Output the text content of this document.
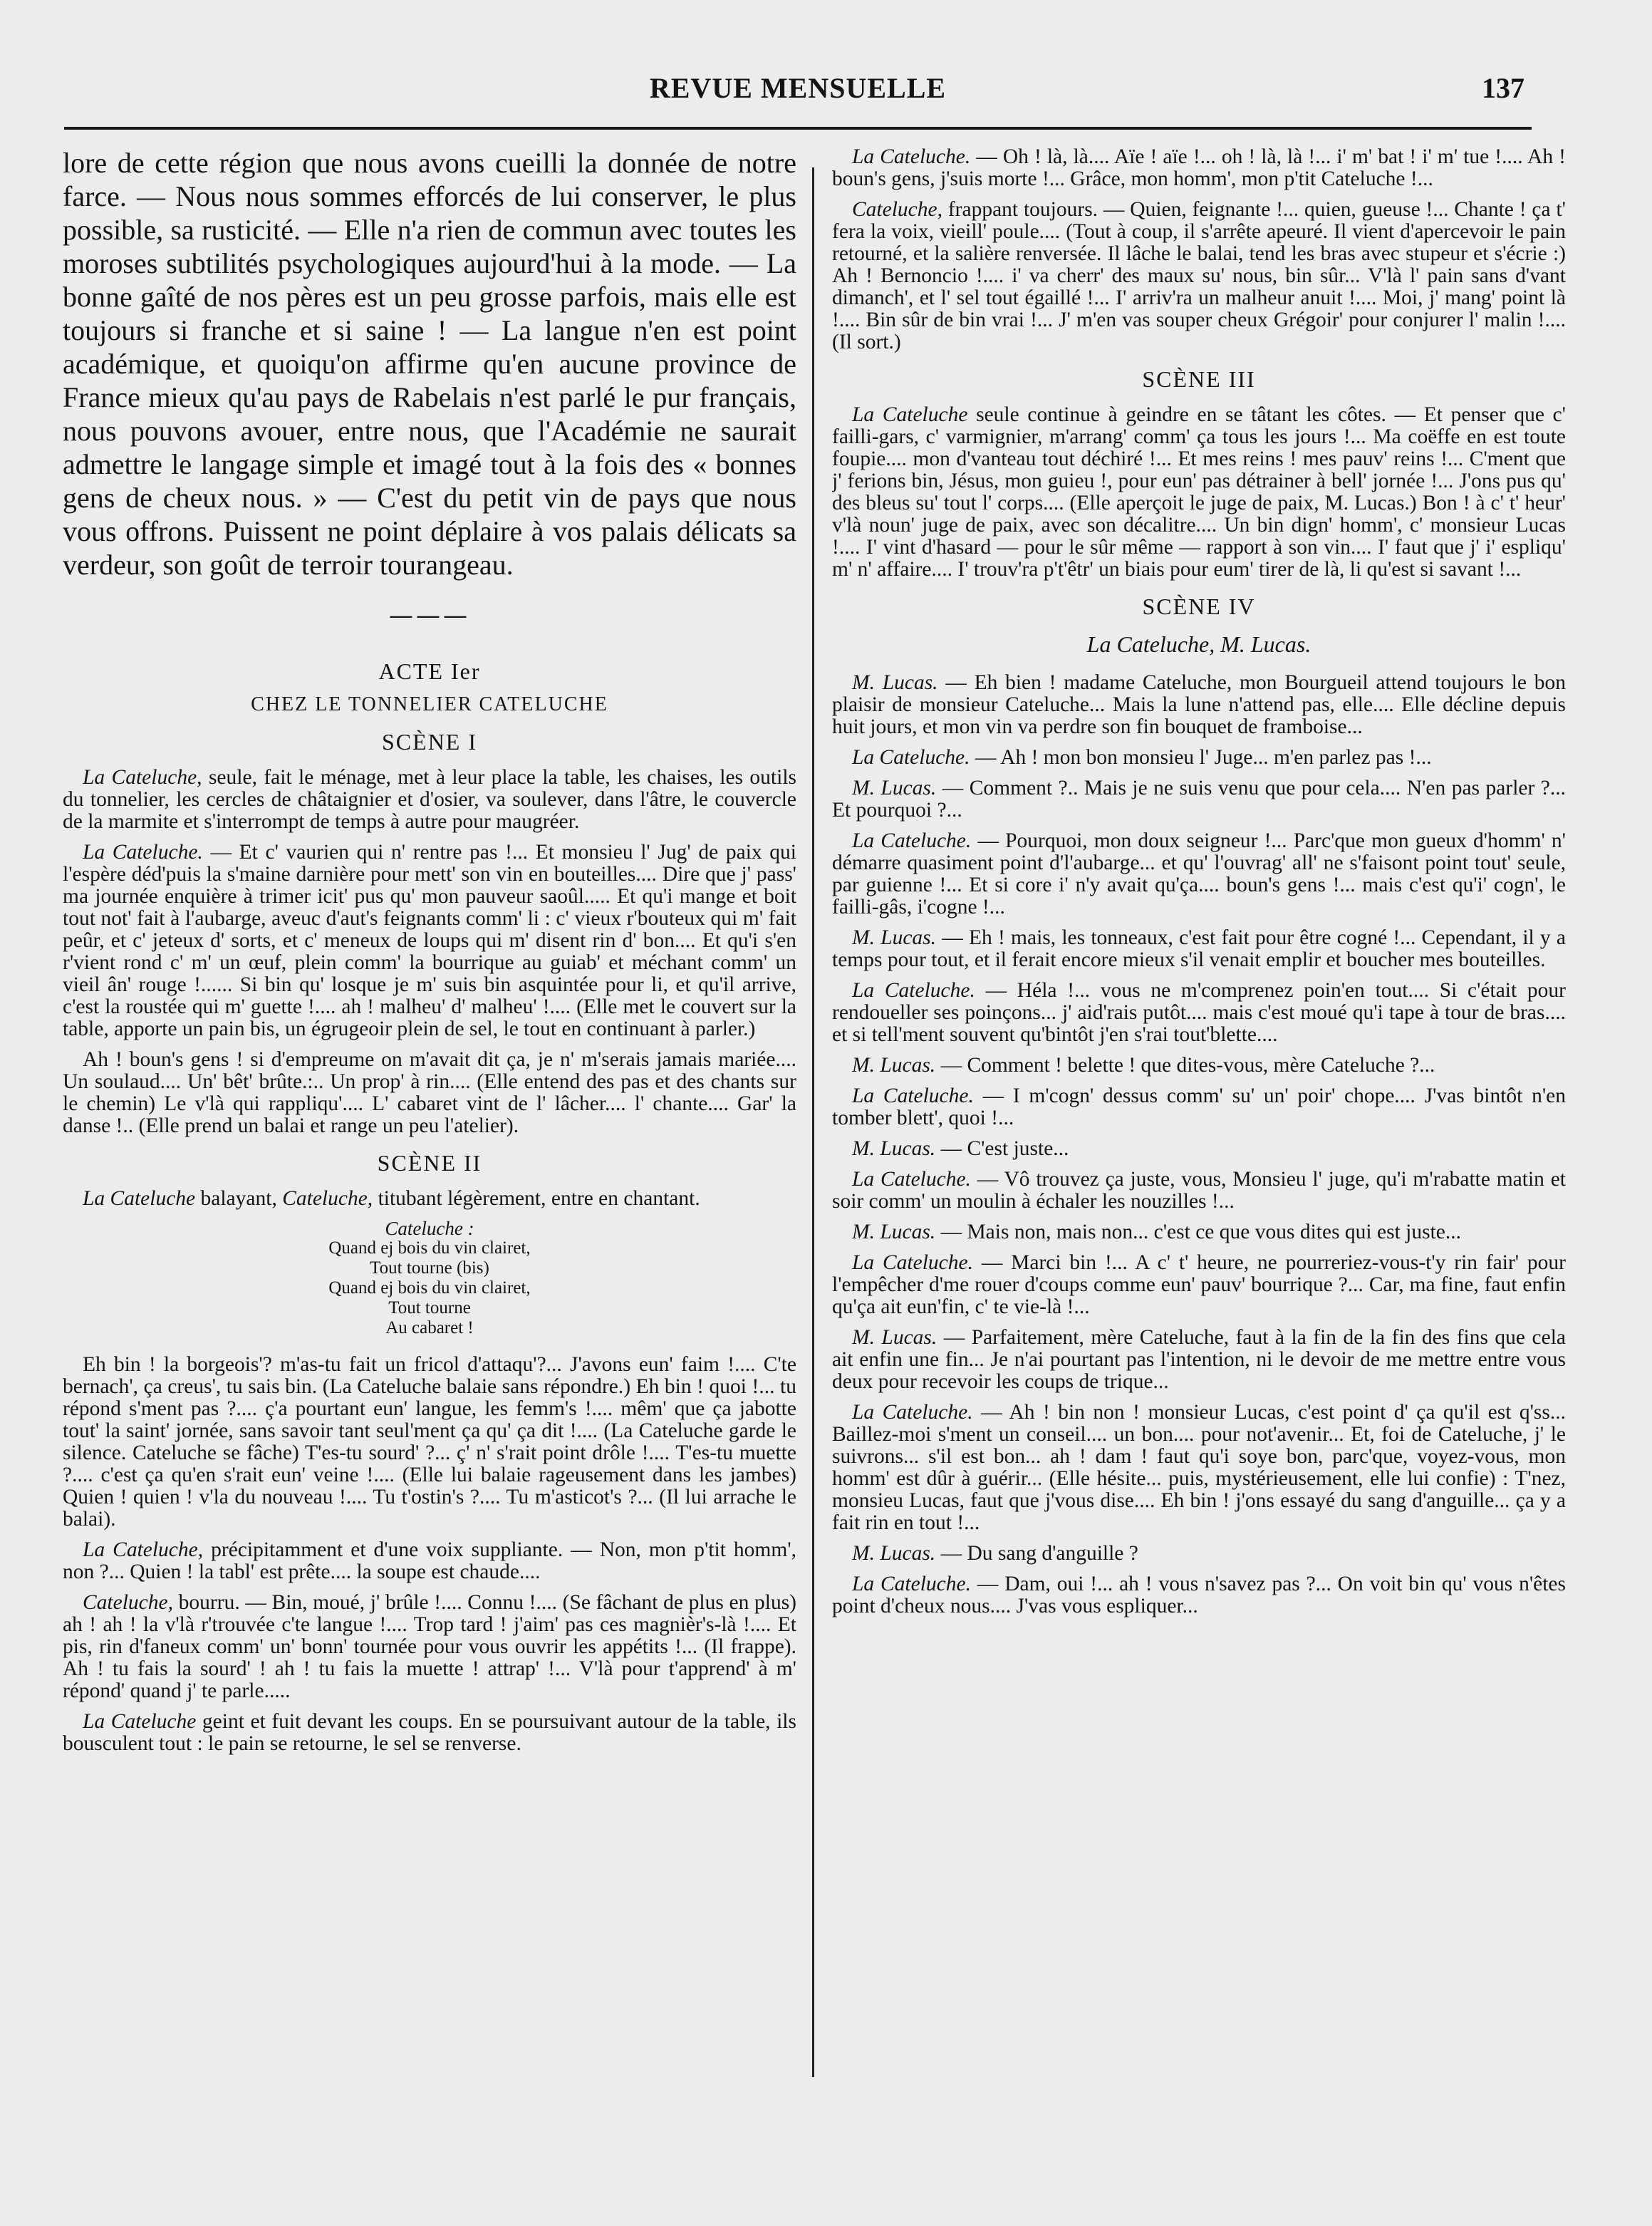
REVUE MENSUELLE	137

lore de cette région que nous avons cueilli la donnée de notre farce. — Nous nous sommes efforcés de lui conserver, le plus possible, sa rusticité. — Elle n'a rien de commun avec toutes les moroses subtilités psychologiques aujourd'hui à la mode. — La bonne gaîté de nos pères est un peu grosse parfois, mais elle est toujours si franche et si saine ! — La langue n'en est point académique, et quoiqu'on affirme qu'en aucune province de France mieux qu'au pays de Rabelais n'est parlé le pur français, nous pouvons avouer, entre nous, que l'Académie ne saurait admettre le langage simple et imagé tout à la fois des « bonnes gens de cheux nous. » — C'est du petit vin de pays que nous vous offrons. Puissent ne point déplaire à vos palais délicats sa verdeur, son goût de terroir tourangeau.

———
ACTE Ier
CHEZ LE TONNELIER CATELUCHE
SCÈNE I

La Cateluche, seule, fait le ménage, met à leur place la table, les chaises, les outils du tonnelier, les cercles de châtaignier et d'osier, va soulever, dans l'âtre, le couvercle de la marmite et s'interrompt de temps à autre pour maugréer.

La Cateluche. — Et c' vaurien qui n' rentre pas !... Et monsieu l' Jug' de paix qui l'espère déd'puis la s'maine darnière pour mett' son vin en bouteilles.... Dire que j' pass' ma journée enquière à trimer icit' pus qu' mon pauveur saoûl..... Et qu'i mange et boit tout not' fait à l'aubarge, aveuc d'aut's feignants comm' li : c' vieux r'bouteux qui m' fait peûr, et c' jeteux d' sorts, et c' meneux de loups qui m' disent rin d' bon.... Et qu'i s'en r'vient rond c' m' un œuf, plein comm' la bourrique au guiab' et méchant comm' un vieil ân' rouge !...... Si bin qu' losque je m' suis bin asquintée pour li, et qu'il arrive, c'est la roustée qui m' guette !.... ah ! malheu' d' malheu' !.... (Elle met le couvert sur la table, apporte un pain bis, un égrugeoir plein de sel, le tout en continuant à parler.)

Ah ! boun's gens ! si d'empreume on m'avait dit ça, je n' m'serais jamais mariée.... Un soulaud.... Un' bêt' brûte.:.. Un prop' à rin.... (Elle entend des pas et des chants sur le chemin) Le v'là qui rappliqu'.... L' cabaret vint de l' lâcher.... l' chante.... Gar' la danse !.. (Elle prend un balai et range un peu l'atelier).

SCÈNE II

La Cateluche balayant, Cateluche, titubant légèrement, entre en chantant.

Cateluche :
Quand ej bois du vin clairet,
Tout tourne (bis)
Quand ej bois du vin clairet,
Tout tourne
Au cabaret !

Eh bin ! la borgeois'? m'as-tu fait un fricol d'attaqu'?... J'avons eun' faim !.... C'te bernach', ça creus', tu sais bin. (La Cateluche balaie sans répondre.) Eh bin ! quoi !... tu répond s'ment pas ?.... ç'a pourtant eun' langue, les femm's !.... mêm' que ça jabotte tout' la saint' jornée, sans savoir tant seul'ment ça qu' ça dit !.... (La Cateluche garde le silence. Cateluche se fâche) T'es-tu sourd' ?... ç' n' s'rait point drôle !.... T'es-tu muette ?.... c'est ça qu'en s'rait eun' veine !.... (Elle lui balaie rageusement dans les jambes) Quien ! quien ! v'la du nouveau !.... Tu t'ostin's ?.... Tu m'asticot's ?... (Il lui arrache le balai).

La Cateluche, précipitamment et d'une voix suppliante. — Non, mon p'tit homm', non ?... Quien ! la tabl' est prête.... la soupe est chaude....

Cateluche, bourru. — Bin, moué, j' brûle !.... Connu !.... (Se fâchant de plus en plus) ah ! ah ! la v'là r'trouvée c'te langue !.... Trop tard ! j'aim' pas ces magnièr's-là !.... Et pis, rin d'faneux comm' un' bonn' tournée pour vous ouvrir les appétits !... (Il frappe). Ah ! tu fais la sourd' ! ah ! tu fais la muette ! attrap' !... V'là pour t'apprend' à m' répond' quand j' te parle.....

La Cateluche geint et fuit devant les coups. En se poursuivant autour de la table, ils bousculent tout : le pain se retourne, le sel se renverse.

La Cateluche. — Oh ! là, là.... Aïe ! aïe !... oh ! là, là !... i' m' bat ! i' m' tue !.... Ah ! boun's gens, j'suis morte !... Grâce, mon homm', mon p'tit Cateluche !...

Cateluche, frappant toujours. — Quien, feignante !... quien, gueuse !... Chante ! ça t' fera la voix, vieill' poule.... (Tout à coup, il s'arrête apeuré. Il vient d'apercevoir le pain retourné, et la salière renversée. Il lâche le balai, tend les bras avec stupeur et s'écrie :) Ah ! Bernoncio !.... i' va cherr' des maux su' nous, bin sûr... V'là l' pain sans d'vant dimanch', et l' sel tout égaillé !... I' arriv'ra un malheur anuit !.... Moi, j' mang' point là !.... Bin sûr de bin vrai !... J' m'en vas souper cheux Grégoir' pour conjurer l' malin !.... (Il sort.)

SCÈNE III

La Cateluche seule continue à geindre en se tâtant les côtes. — Et penser que c' failli-gars, c' varmignier, m'arrang' comm' ça tous les jours !... Ma coëffe en est toute foupie.... mon d'vanteau tout déchiré !... Et mes reins ! mes pauv' reins !... C'ment que j' ferions bin, Jésus, mon guieu !, pour eun' pas détrainer à bell' jornée !... J'ons pus qu' des bleus su' tout l' corps.... (Elle aperçoit le juge de paix, M. Lucas.) Bon ! à c' t' heur' v'là noun' juge de paix, avec son décalitre.... Un bin dign' homm', c' monsieur Lucas !.... I' vint d'hasard — pour le sûr même — rapport à son vin.... I' faut que j' i' espliqu' m' n' affaire.... I' trouv'ra p't'êtr' un biais pour eum' tirer de là, li qu'est si savant !...

SCÈNE IV
La Cateluche, M. Lucas.

M. Lucas. — Eh bien ! madame Cateluche, mon Bourgueil attend toujours le bon plaisir de monsieur Cateluche... Mais la lune n'attend pas, elle.... Elle décline depuis huit jours, et mon vin va perdre son fin bouquet de framboise...

La Cateluche. — Ah ! mon bon monsieu l' Juge... m'en parlez pas !...

M. Lucas. — Comment ?.. Mais je ne suis venu que pour cela.... N'en pas parler ?... Et pourquoi ?...

La Cateluche. — Pourquoi, mon doux seigneur !... Parc'que mon gueux d'homm' n' démarre quasiment point d'l'aubarge... et qu' l'ouvrag' all' ne s'faisont point tout' seule, par guienne !... Et si core i' n'y avait qu'ça.... boun's gens !... mais c'est qu'i' cogn', le failli-gâs, i'cogne !...

M. Lucas. — Eh ! mais, les tonneaux, c'est fait pour être cogné !... Cependant, il y a temps pour tout, et il ferait encore mieux s'il venait emplir et boucher mes bouteilles.

La Cateluche. — Héla !... vous ne m'comprenez poin'en tout.... Si c'était pour rendoueller ses poinçons... j' aid'rais putôt.... mais c'est moué qu'i tape à tour de bras.... et si tell'ment souvent qu'bintôt j'en s'rai tout'blette....

M. Lucas. — Comment ! belette ! que dites-vous, mère Cateluche ?...

La Cateluche. — I m'cogn' dessus comm' su' un' poir' chope.... J'vas bintôt n'en tomber blett', quoi !...

M. Lucas. — C'est juste...

La Cateluche. — Vô trouvez ça juste, vous, Monsieu l' juge, qu'i m'rabatte matin et soir comm' un moulin à échaler les nouzilles !...

M. Lucas. — Mais non, mais non... c'est ce que vous dites qui est juste...

La Cateluche. — Marci bin !... A c' t' heure, ne pourreriez-vous-t'y rin fair' pour l'empêcher d'me rouer d'coups comme eun' pauv' bourrique ?... Car, ma fine, faut enfin qu'ça ait eun'fin, c' te vie-là !...

M. Lucas. — Parfaitement, mère Cateluche, faut à la fin de la fin des fins que cela ait enfin une fin... Je n'ai pourtant pas l'intention, ni le devoir de me mettre entre vous deux pour recevoir les coups de trique...

La Cateluche. — Ah ! bin non ! monsieur Lucas, c'est point d' ça qu'il est q'ss... Baillez-moi s'ment un conseil.... un bon.... pour not'avenir... Et, foi de Cateluche, j' le suivrons... s'il est bon... ah ! dam ! faut qu'i soye bon, parc'que, voyez-vous, mon homm' est dûr à guérir... (Elle hésite... puis, mystérieusement, elle lui confie) : T'nez, monsieu Lucas, faut que j'vous dise.... Eh bin ! j'ons essayé du sang d'anguille... ça y a fait rin en tout !...

M. Lucas. — Du sang d'anguille ?

La Cateluche. — Dam, oui !... ah ! vous n'savez pas ?... On voit bin qu' vous n'êtes point d'cheux nous.... J'vas vous espliquer...
